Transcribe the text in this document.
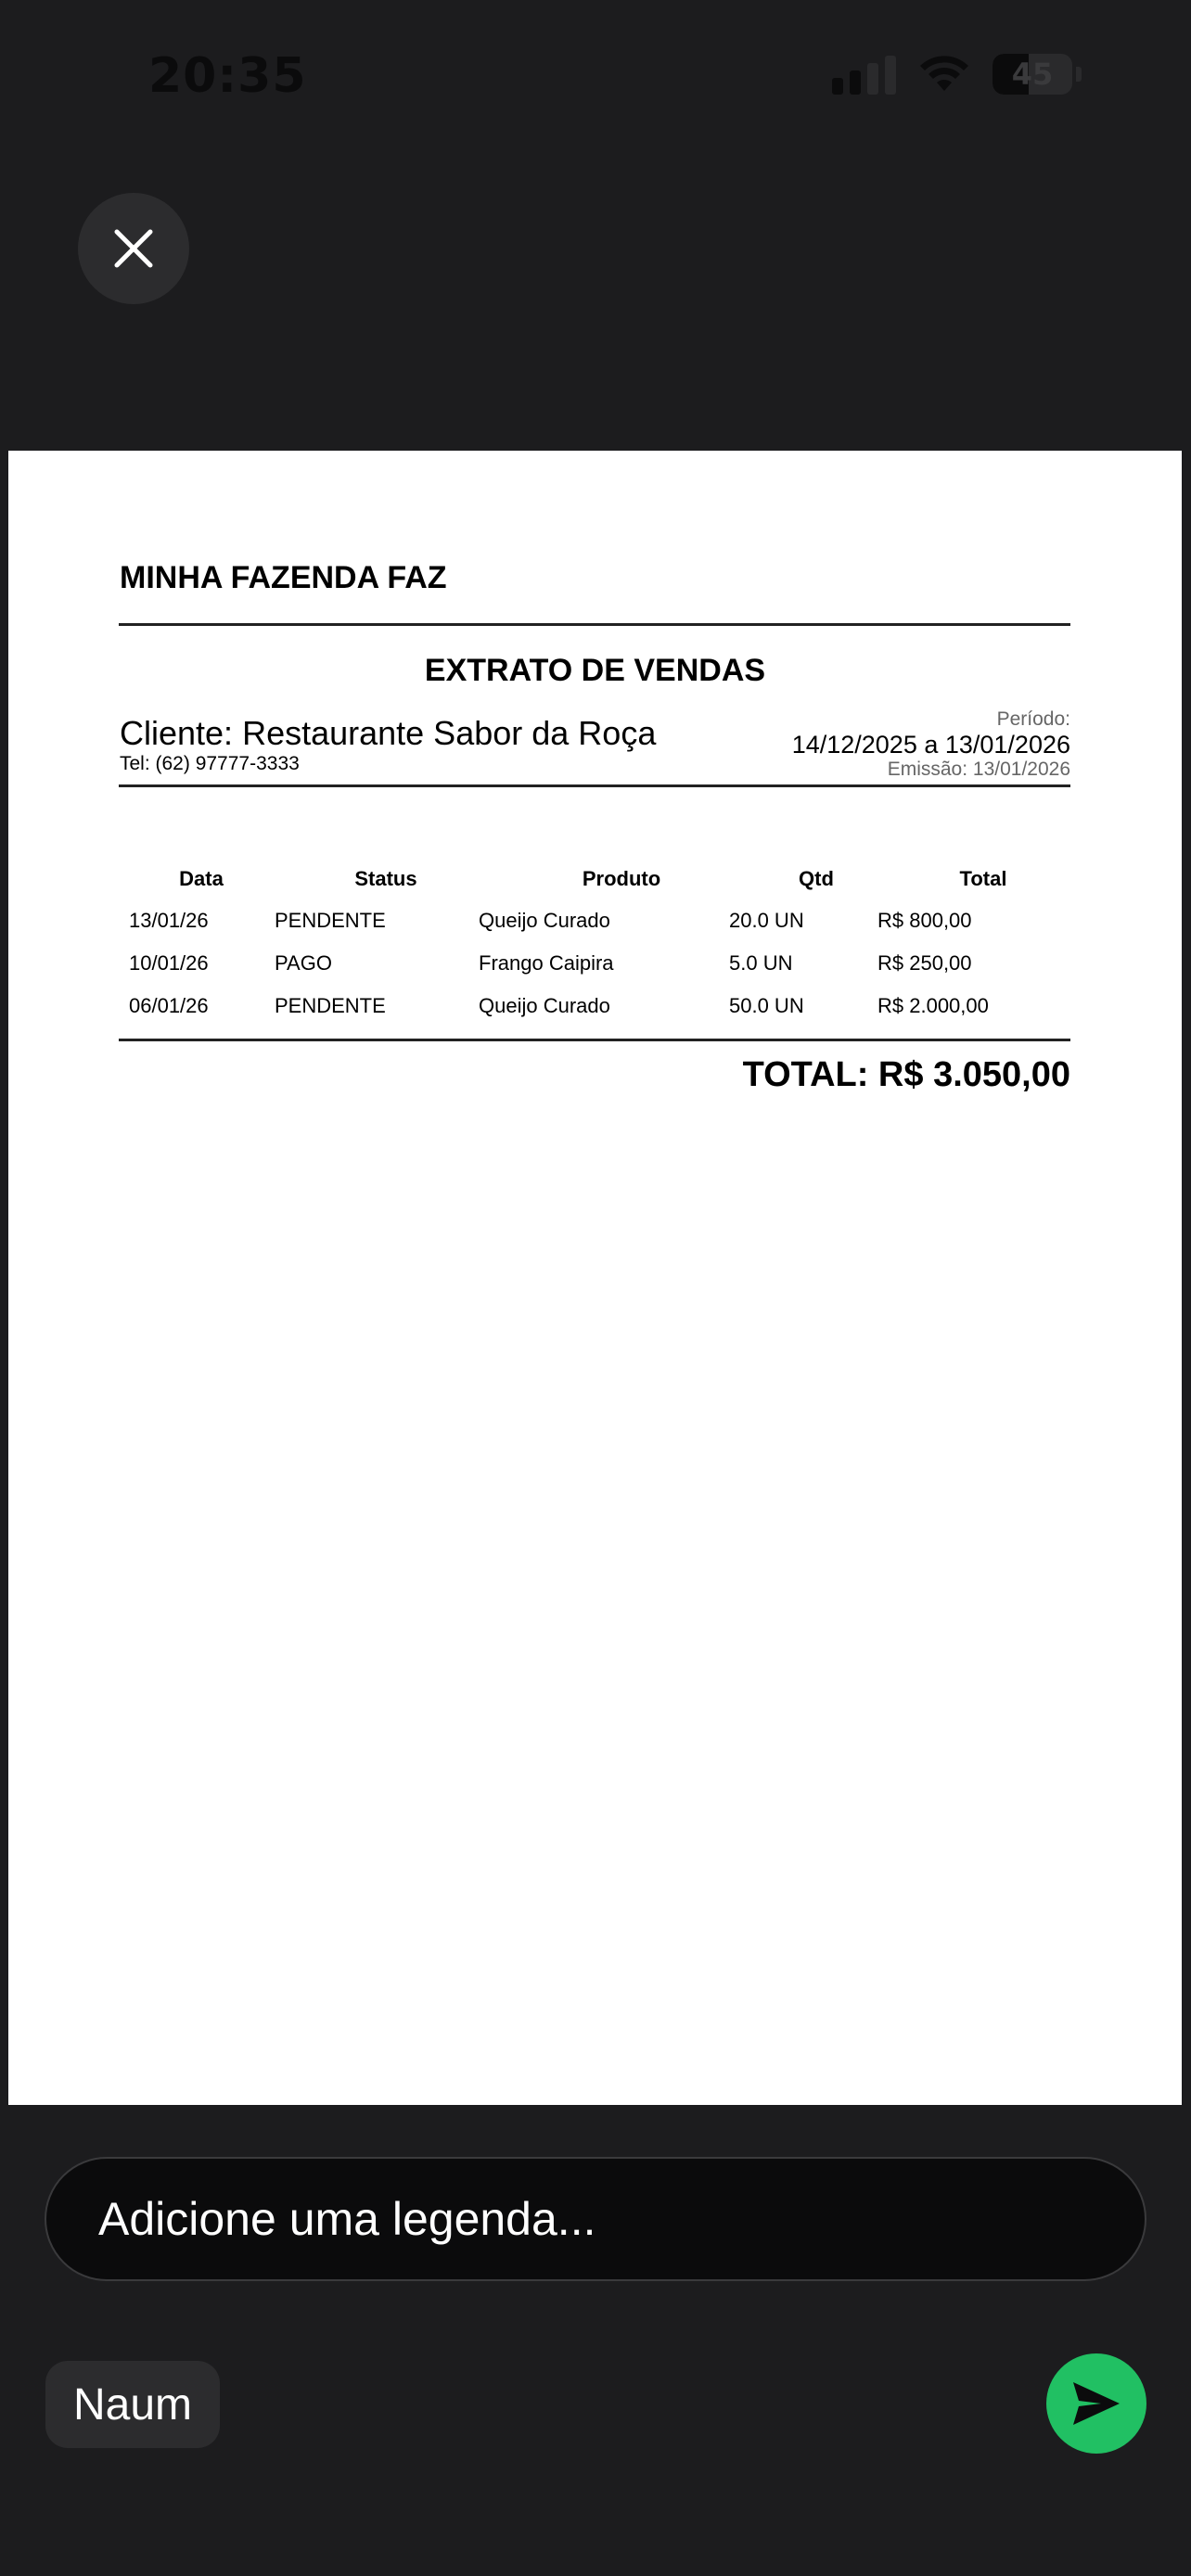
20:35	45
MINHA FAZENDA FAZ
EXTRATO DE VENDAS
Cliente: Restaurante Sabor da Roça
Tel: (62) 97777-3333
Período:
14/12/2025 a 13/01/2026
Emissão: 13/01/2026
Data	Status	Produto	Qtd	Total
13/01/26	PENDENTE	Queijo Curado	20.0 UN	R$ 800,00
10/01/26	PAGO	Frango Caipira	5.0 UN	R$ 250,00
06/01/26	PENDENTE	Queijo Curado	50.0 UN	R$ 2.000,00
TOTAL: R$ 3.050,00
Adicione uma legenda...
Naum
